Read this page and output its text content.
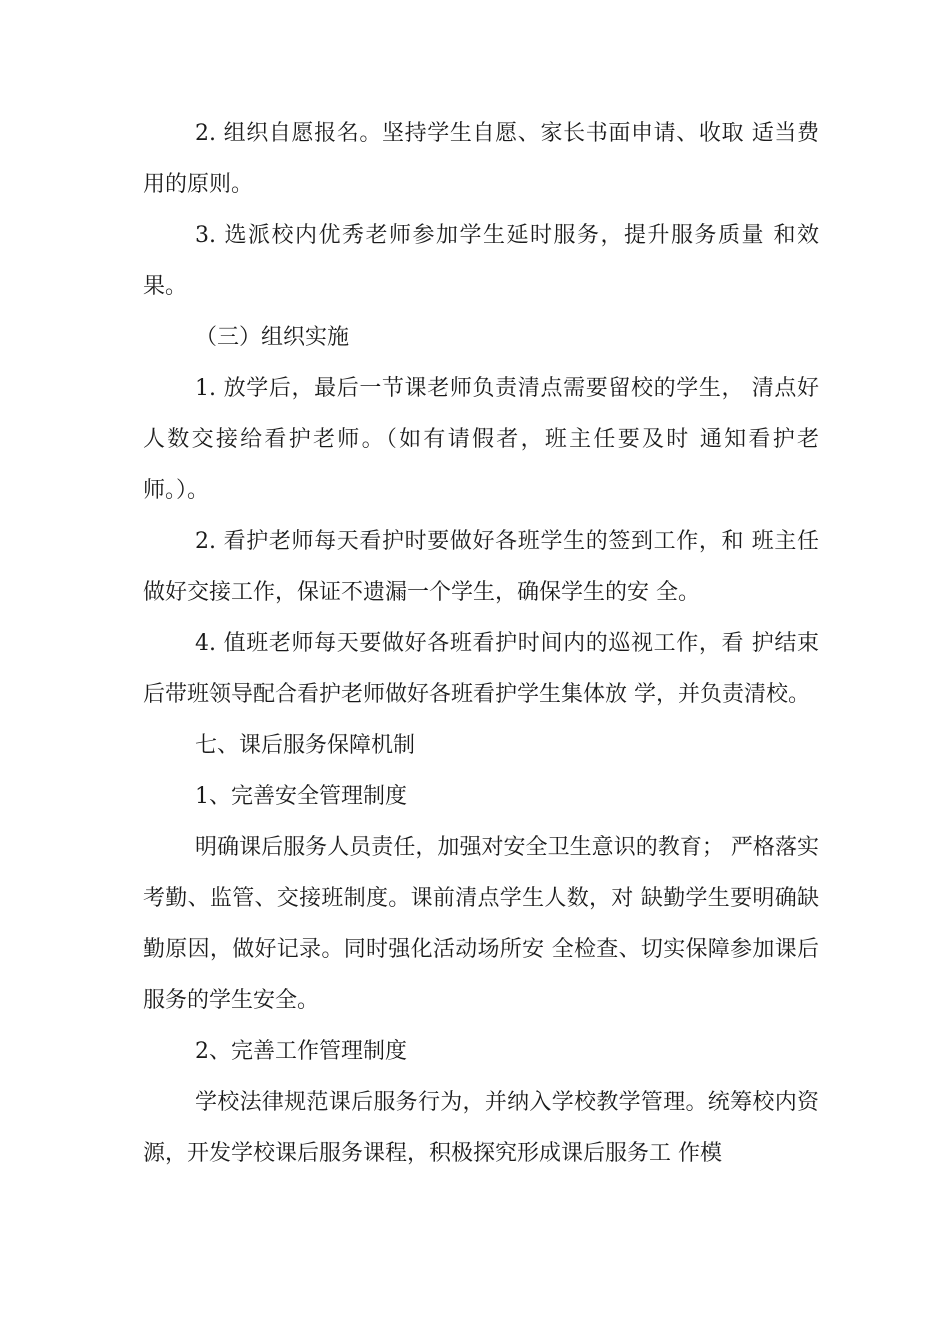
2. 组织自愿报名。坚持学生自愿、家长书面申请、收取 适当费用的原则。

3. 选派校内优秀老师参加学生延时服务，提升服务质量 和效果。

（三）组织实施

1. 放学后，最后一节课老师负责清点需要留校的学生， 清点好人数交接给看护老师。（如有请假者，班主任要及时 通知看护老师。）。

2. 看护老师每天看护时要做好各班学生的签到工作，和 班主任做好交接工作，保证不遗漏一个学生，确保学生的安 全。

4. 值班老师每天要做好各班看护时间内的巡视工作，看 护结束后带班领导配合看护老师做好各班看护学生集体放 学，并负责清校。

七、课后服务保障机制

1、完善安全管理制度

明确课后服务人员责任，加强对安全卫生意识的教育； 严格落实考勤、监管、交接班制度。课前清点学生人数，对 缺勤学生要明确缺勤原因，做好记录。同时强化活动场所安 全检查、切实保障参加课后服务的学生安全。

2、完善工作管理制度

学校法律规范课后服务行为，并纳入学校教学管理。统筹校内资源，开发学校课后服务课程，积极探究形成课后服务工 作模
